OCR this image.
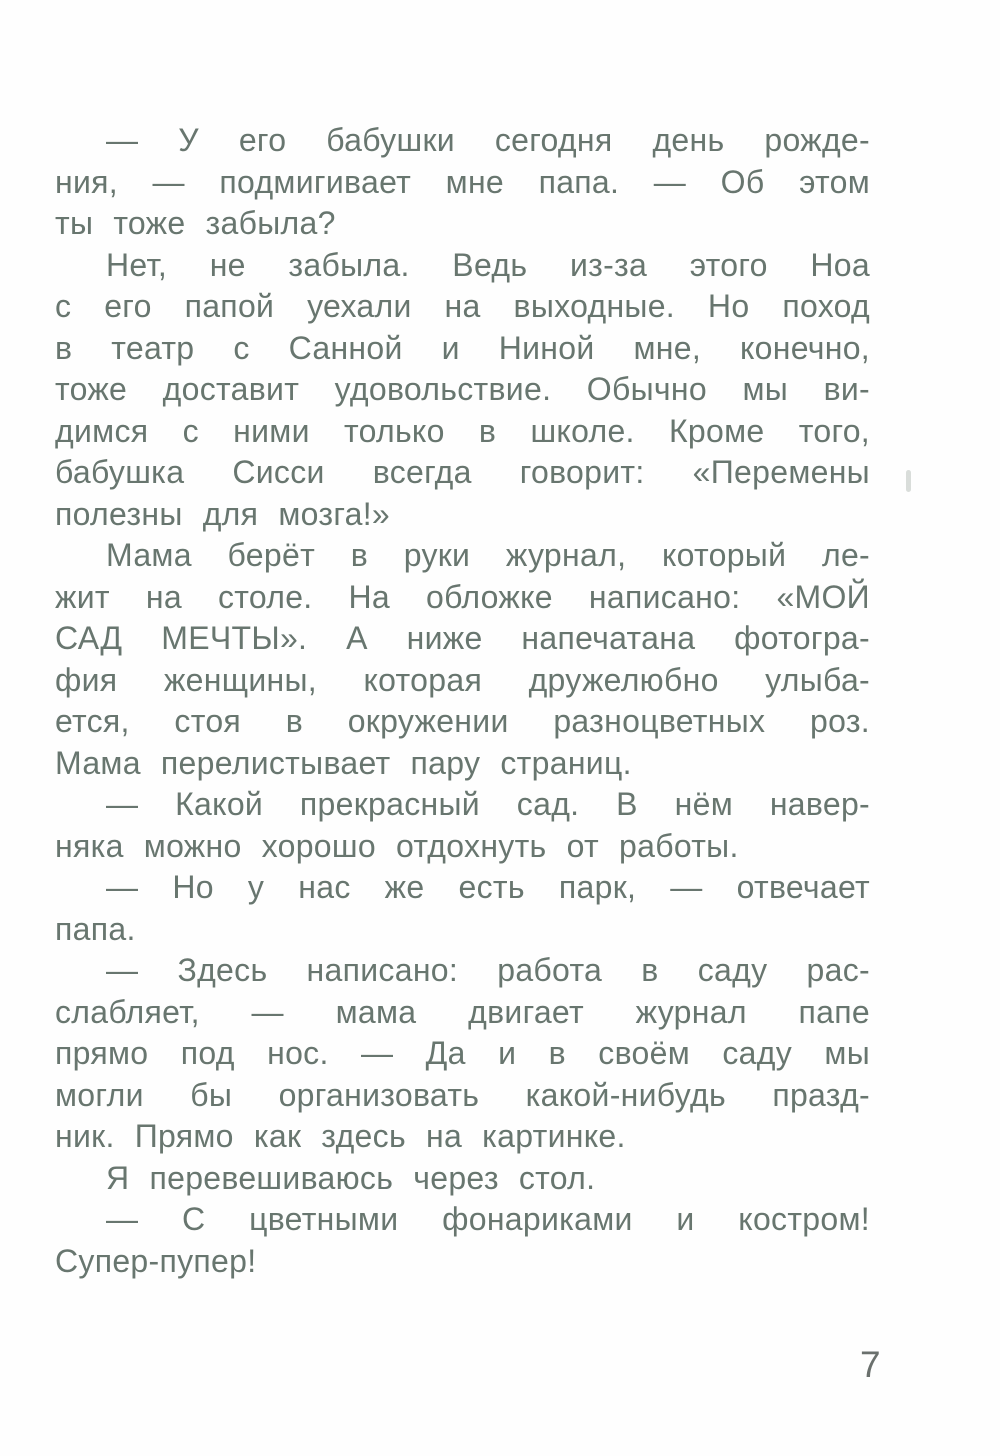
— У его бабушки сегодня день рожде-
ния, — подмигивает мне папа. — Об этом
ты тоже забыла?
Нет, не забыла. Ведь из-за этого Ноа
с его папой уехали на выходные. Но поход
в театр с Санной и Ниной мне, конечно,
тоже доставит удовольствие. Обычно мы ви-
димся с ними только в школе. Кроме того,
бабушка Сисси всегда говорит: «Перемены
полезны для мозга!»
Мама берёт в руки журнал, который ле-
жит на столе. На обложке написано: «МОЙ
САД МЕЧТЫ». А ниже напечатана фотогра-
фия женщины, которая дружелюбно улыба-
ется, стоя в окружении разноцветных роз.
Мама перелистывает пару страниц.
— Какой прекрасный сад. В нём навер-
няка можно хорошо отдохнуть от работы.
— Но у нас же есть парк, — отвечает
папа.
— Здесь написано: работа в саду рас-
слабляет, — мама двигает журнал папе
прямо под нос. — Да и в своём саду мы
могли бы организовать какой-нибудь празд-
ник. Прямо как здесь на картинке.
Я перевешиваюсь через стол.
— С цветными фонариками и костром!
Супер-пупер!
7
